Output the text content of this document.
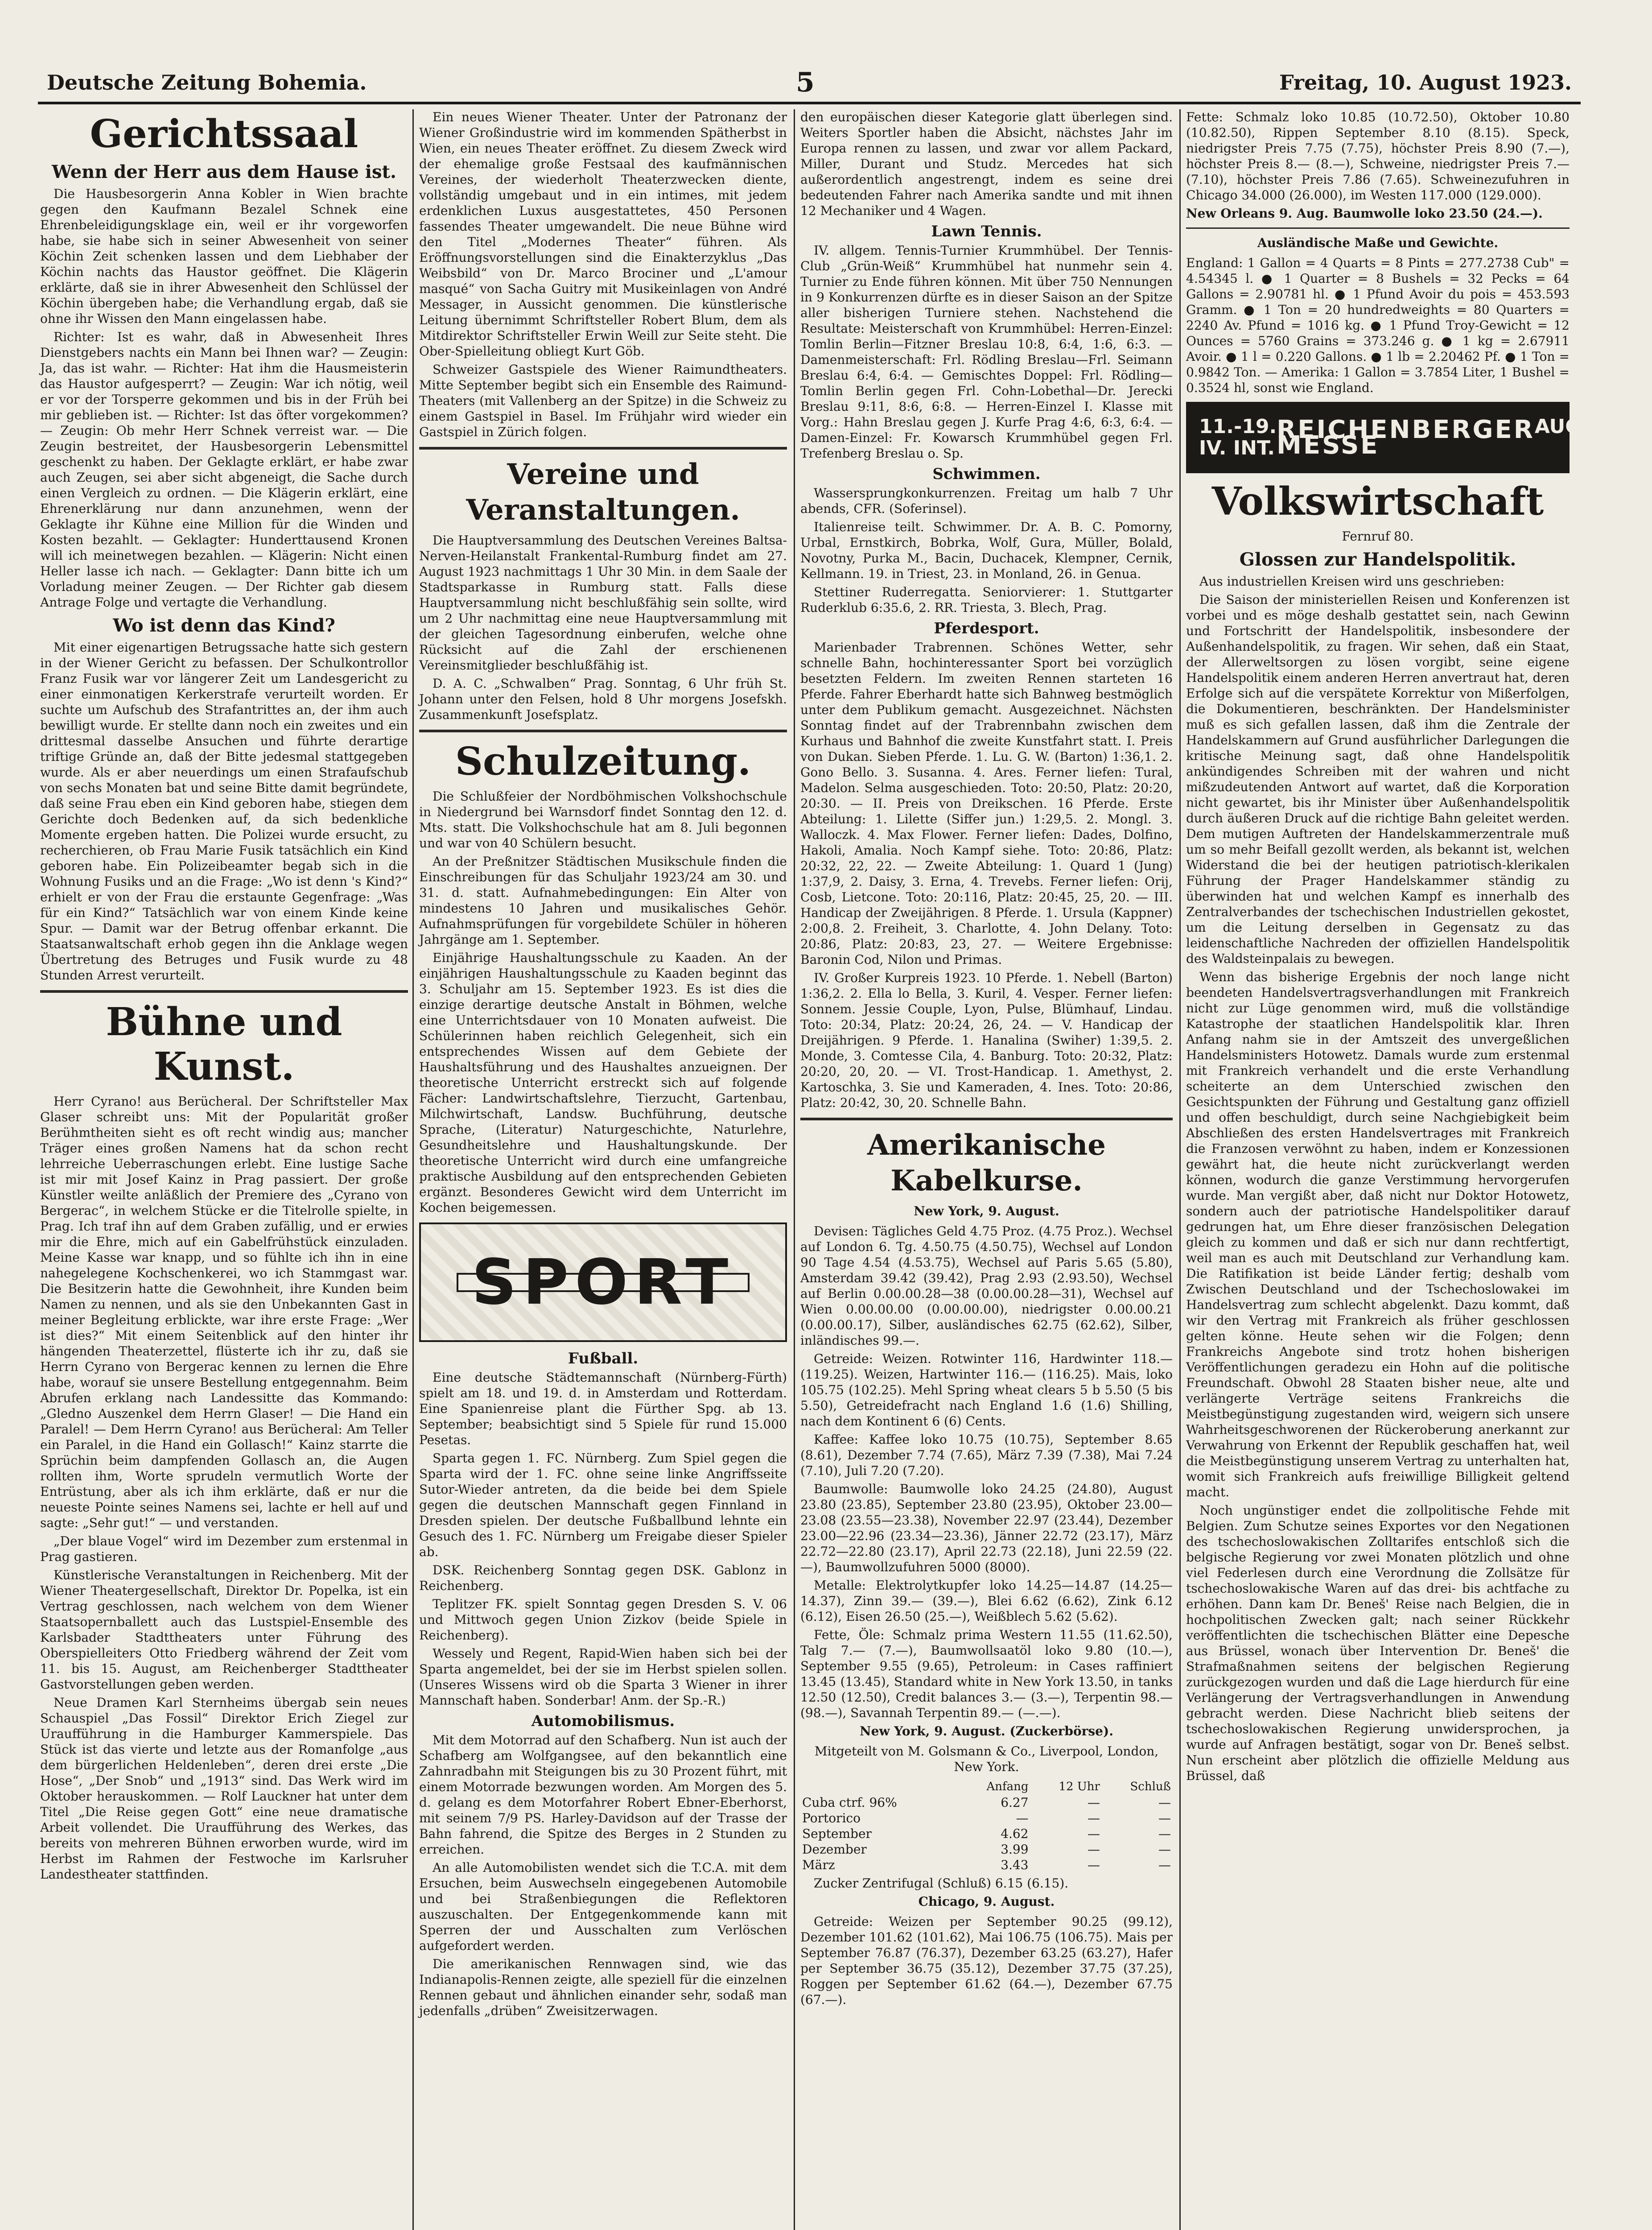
Deutsche Zeitung Bohemia.	5	Freitag, 10. August 1923.
Gerichtssaal
Wenn der Herr aus dem Hause ist.

Die Hausbesorgerin Anna Kobler in Wien brachte gegen den Kaufmann Bezalel Schnek eine Ehrenbeleidigungsklage ein, weil er ihr vorgeworfen habe, sie habe sich in seiner Abwesenheit von seiner Köchin Zeit schenken lassen und dem Liebhaber der Köchin nachts das Haustor geöffnet. Die Klägerin erklärte, daß sie in ihrer Abwesenheit den Schlüssel der Köchin übergeben habe; die Verhandlung ergab, daß sie ohne ihr Wissen den Mann eingelassen habe.

Richter: Ist es wahr, daß in Abwesenheit Ihres Dienstgebers nachts ein Mann bei Ihnen war? — Zeugin: Ja, das ist wahr. — Richter: Hat ihm die Hausmeisterin das Haustor aufgesperrt? — Zeugin: War ich nötig, weil er vor der Torsperre gekommen und bis in der Früh bei mir geblieben ist. — Richter: Ist das öfter vorgekommen? — Zeugin: Ob mehr Herr Schnek verreist war. — Die Zeugin bestreitet, der Hausbesorgerin Lebensmittel geschenkt zu haben. Der Geklagte erklärt, er habe zwar auch Zeugen, sei aber sicht abgeneigt, die Sache durch einen Vergleich zu ordnen. — Die Klägerin erklärt, eine Ehrenerklärung nur dann anzunehmen, wenn der Geklagte ihr Kühne eine Million für die Winden und Kosten bezahlt. — Geklagter: Hunderttausend Kronen will ich meinetwegen bezahlen. — Klägerin: Nicht einen Heller lasse ich nach. — Geklagter: Dann bitte ich um Vorladung meiner Zeugen. — Der Richter gab diesem Antrage Folge und vertagte die Verhandlung.

Wo ist denn das Kind?

Mit einer eigenartigen Betrugssache hatte sich gestern in der Wiener Gericht zu befassen. Der Schulkontrollor Franz Fusik war vor längerer Zeit um Landesgericht zu einer einmonatigen Kerkerstrafe verurteilt worden. Er suchte um Aufschub des Strafantrittes an, der ihm auch bewilligt wurde. Er stellte dann noch ein zweites und ein drittesmal dasselbe Ansuchen und führte derartige triftige Gründe an, daß der Bitte jedesmal stattgegeben wurde. Als er aber neuerdings um einen Strafaufschub von sechs Monaten bat und seine Bitte damit begründete, daß seine Frau eben ein Kind geboren habe, stiegen dem Gerichte doch Bedenken auf, da sich bedenkliche Momente ergeben hatten. Die Polizei wurde ersucht, zu recherchieren, ob Frau Marie Fusik tatsächlich ein Kind geboren habe. Ein Polizeibeamter begab sich in die Wohnung Fusiks und an die Frage: „Wo ist denn 's Kind?“ erhielt er von der Frau die erstaunte Gegenfrage: „Was für ein Kind?“ Tatsächlich war von einem Kinde keine Spur. — Damit war der Betrug offenbar erkannt. Die Staatsanwaltschaft erhob gegen ihn die Anklage wegen Übertretung des Betruges und Fusik wurde zu 48 Stunden Arrest verurteilt.

Bühne und Kunst.

Herr Cyrano! aus Berücheral. Der Schriftsteller Max Glaser schreibt uns: Mit der Popularität großer Berühmtheiten sieht es oft recht windig aus; mancher Träger eines großen Namens hat da schon recht lehrreiche Ueberraschungen erlebt. Eine lustige Sache ist mir mit Josef Kainz in Prag passiert. Der große Künstler weilte anläßlich der Premiere des „Cyrano von Bergerac“, in welchem Stücke er die Titelrolle spielte, in Prag. Ich traf ihn auf dem Graben zufällig, und er erwies mir die Ehre, mich auf ein Gabelfrühstück einzuladen. Meine Kasse war knapp, und so fühlte ich ihn in eine nahegelegene Kochschenkerei, wo ich Stammgast war. Die Besitzerin hatte die Gewohnheit, ihre Kunden beim Namen zu nennen, und als sie den Unbekannten Gast in meiner Begleitung erblickte, war ihre erste Frage: „Wer ist dies?“ Mit einem Seitenblick auf den hinter ihr hängenden Theaterzettel, flüsterte ich ihr zu, daß sie Herrn Cyrano von Bergerac kennen zu lernen die Ehre habe, worauf sie unsere Bestellung entgegennahm. Beim Abrufen erklang nach Landessitte das Kommando: „Gledno Auszenkel dem Herrn Glaser! — Die Hand ein Paralel! — Dem Herrn Cyrano! aus Berücheral: Am Teller ein Paralel, in die Hand ein Gollasch!“ Kainz starrte die Sprüchin beim dampfenden Gollasch an, die Augen rollten ihm, Worte sprudeln vermutlich Worte der Entrüstung, aber als ich ihm erklärte, daß er nur die neueste Pointe seines Namens sei, lachte er hell auf und sagte: „Sehr gut!“ — und verstanden.

„Der blaue Vogel“ wird im Dezember zum erstenmal in Prag gastieren.

Künstlerische Veranstaltungen in Reichenberg. Mit der Wiener Theatergesellschaft, Direktor Dr. Popelka, ist ein Vertrag geschlossen, nach welchem von dem Wiener Staatsopernballett auch das Lustspiel-Ensemble des Karlsbader Stadttheaters unter Führung des Oberspielleiters Otto Friedberg während der Zeit vom 11. bis 15. August, am Reichenberger Stadttheater Gastvorstellungen geben werden.

Neue Dramen Karl Sternheims übergab sein neues Schauspiel „Das Fossil“ Direktor Erich Ziegel zur Uraufführung in die Hamburger Kammerspiele. Das Stück ist das vierte und letzte aus der Romanfolge „aus dem bürgerlichen Heldenleben“, deren drei erste „Die Hose“, „Der Snob“ und „1913“ sind. Das Werk wird im Oktober herauskommen. — Rolf Lauckner hat unter dem Titel „Die Reise gegen Gott“ eine neue dramatische Arbeit vollendet. Die Uraufführung des Werkes, das bereits von mehreren Bühnen erworben wurde, wird im Herbst im Rahmen der Festwoche im Karlsruher Landestheater stattfinden.

Ein neues Wiener Theater. Unter der Patronanz der Wiener Großindustrie wird im kommenden Spätherbst in Wien, ein neues Theater eröffnet. Zu diesem Zweck wird der ehemalige große Festsaal des kaufmännischen Vereines, der wiederholt Theaterzwecken diente, vollständig umgebaut und in ein intimes, mit jedem erdenklichen Luxus ausgestattetes, 450 Personen fassendes Theater umgewandelt. Die neue Bühne wird den Titel „Modernes Theater“ führen. Als Eröffnungsvorstellungen sind die Einakterzyklus „Das Weibsbild“ von Dr. Marco Brociner und „L'amour masqué“ von Sacha Guitry mit Musikeinlagen von André Messager, in Aussicht genommen. Die künstlerische Leitung übernimmt Schriftsteller Robert Blum, dem als Mitdirektor Schriftsteller Erwin Weill zur Seite steht. Die Ober-Spielleitung obliegt Kurt Göb.

Schweizer Gastspiele des Wiener Raimundtheaters. Mitte September begibt sich ein Ensemble des Raimund-Theaters (mit Vallenberg an der Spitze) in die Schweiz zu einem Gastspiel in Basel. Im Frühjahr wird wieder ein Gastspiel in Zürich folgen.

Vereine und Veranstaltungen.

Die Hauptversammlung des Deutschen Vereines Baltsa-Nerven-Heilanstalt Frankental-Rumburg findet am 27. August 1923 nachmittags 1 Uhr 30 Min. in dem Saale der Stadtsparkasse in Rumburg statt. Falls diese Hauptversammlung nicht beschlußfähig sein sollte, wird um 2 Uhr nachmittag eine neue Hauptversammlung mit der gleichen Tagesordnung einberufen, welche ohne Rücksicht auf die Zahl der erschienenen Vereinsmitglieder beschlußfähig ist.

D. A. C. „Schwalben“ Prag. Sonntag, 6 Uhr früh St. Johann unter den Felsen, hold 8 Uhr morgens Josefskh. Zusammenkunft Josefsplatz.

Schulzeitung.

Die Schlußfeier der Nordböhmischen Volkshochschule in Niedergrund bei Warnsdorf findet Sonntag den 12. d. Mts. statt. Die Volkshochschule hat am 8. Juli begonnen und war von 40 Schülern besucht.

An der Preßnitzer Städtischen Musikschule finden die Einschreibungen für das Schuljahr 1923/24 am 30. und 31. d. statt. Aufnahmebedingungen: Ein Alter von mindestens 10 Jahren und musikalisches Gehör. Aufnahmsprüfungen für vorgebildete Schüler in höheren Jahrgänge am 1. September.

Einjährige Haushaltungsschule zu Kaaden. An der einjährigen Haushaltungsschule zu Kaaden beginnt das 3. Schuljahr am 15. September 1923. Es ist dies die einzige derartige deutsche Anstalt in Böhmen, welche eine Unterrichtsdauer von 10 Monaten aufweist. Die Schülerinnen haben reichlich Gelegenheit, sich ein entsprechendes Wissen auf dem Gebiete der Haushaltsführung und des Haushaltes anzueignen. Der theoretische Unterricht erstreckt sich auf folgende Fächer: Landwirtschaftslehre, Tierzucht, Gartenbau, Milchwirtschaft, Landsw. Buchführung, deutsche Sprache, (Literatur) Naturgeschichte, Naturlehre, Gesundheitslehre und Haushaltungskunde. Der theoretische Unterricht wird durch eine umfangreiche praktische Ausbildung auf den entsprechenden Gebieten ergänzt. Besonderes Gewicht wird dem Unterricht im Kochen beigemessen.

SPORT
Fußball.

Eine deutsche Städtemannschaft (Nürnberg-Fürth) spielt am 18. und 19. d. in Amsterdam und Rotterdam. Eine Spanienreise plant die Fürther Spg. ab 13. September; beabsichtigt sind 5 Spiele für rund 15.000 Pesetas.

Sparta gegen 1. FC. Nürnberg. Zum Spiel gegen die Sparta wird der 1. FC. ohne seine linke Angriffsseite Sutor-Wieder antreten, da die beide bei dem Spiele gegen die deutschen Mannschaft gegen Finnland in Dresden spielen. Der deutsche Fußballbund lehnte ein Gesuch des 1. FC. Nürnberg um Freigabe dieser Spieler ab.

DSK. Reichenberg Sonntag gegen DSK. Gablonz in Reichenberg.

Teplitzer FK. spielt Sonntag gegen Dresden S. V. 06 und Mittwoch gegen Union Zizkov (beide Spiele in Reichenberg).

Wessely und Regent, Rapid-Wien haben sich bei der Sparta angemeldet, bei der sie im Herbst spielen sollen. (Unseres Wissens wird ob die Sparta 3 Wiener in ihrer Mannschaft haben. Sonderbar! Anm. der Sp.-R.)

Automobilismus.

Mit dem Motorrad auf den Schafberg. Nun ist auch der Schafberg am Wolfgangsee, auf den bekanntlich eine Zahnradbahn mit Steigungen bis zu 30 Prozent führt, mit einem Motorrade bezwungen worden. Am Morgen des 5. d. gelang es dem Motorfahrer Robert Ebner-Eberhorst, mit seinem 7/9 PS. Harley-Davidson auf der Trasse der Bahn fahrend, die Spitze des Berges in 2 Stunden zu erreichen.

An alle Automobilisten wendet sich die T.C.A. mit dem Ersuchen, beim Auswechseln eingegebenen Automobile und bei Straßenbiegungen die Reflektoren auszuschalten. Der Entgegenkommende kann mit Sperren der und Ausschalten zum Verlöschen aufgefordert werden.

Die amerikanischen Rennwagen sind, wie das Indianapolis-Rennen zeigte, alle speziell für die einzelnen Rennen gebaut und ähnlichen einander sehr, sodaß man jedenfalls „drüben“ Zweisitzerwagen.

den europäischen dieser Kategorie glatt überlegen sind. Weiters Sportler haben die Absicht, nächstes Jahr im Europa rennen zu lassen, und zwar vor allem Packard, Miller, Durant und Studz. Mercedes hat sich außerordentlich angestrengt, indem es seine drei bedeutenden Fahrer nach Amerika sandte und mit ihnen 12 Mechaniker und 4 Wagen.

Lawn Tennis.

IV. allgem. Tennis-Turnier Krummhübel. Der Tennis-Club „Grün-Weiß“ Krummhübel hat nunmehr sein 4. Turnier zu Ende führen können. Mit über 750 Nennungen in 9 Konkurrenzen dürfte es in dieser Saison an der Spitze aller bisherigen Turniere stehen. Nachstehend die Resultate: Meisterschaft von Krummhübel: Herren-Einzel: Tomlin Berlin—Fitzner Breslau 10:8, 6:4, 1:6, 6:3. — Damenmeisterschaft: Frl. Rödling Breslau—Frl. Seimann Breslau 6:4, 6:4. — Gemischtes Doppel: Frl. Rödling—Tomlin Berlin gegen Frl. Cohn-Lobethal—Dr. Jerecki Breslau 9:11, 8:6, 6:8. — Herren-Einzel I. Klasse mit Vorg.: Hahn Breslau gegen J. Kurfe Prag 4:6, 6:3, 6:4. — Damen-Einzel: Fr. Kowarsch Krummhübel gegen Frl. Trefenberg Breslau o. Sp.

Schwimmen.

Wassersprungkonkurrenzen. Freitag um halb 7 Uhr abends, CFR. (Soferinsel).

Italienreise teilt. Schwimmer. Dr. A. B. C. Pomorny, Urbal, Ernstkirch, Bobrka, Wolf, Gura, Müller, Bolald, Novotny, Purka M., Bacin, Duchacek, Klempner, Cernik, Kellmann. 19. in Triest, 23. in Monland, 26. in Genua.

Stettiner Ruderregatta. Seniorvierer: 1. Stuttgarter Ruderklub 6:35.6, 2. RR. Triesta, 3. Blech, Prag.

Pferdesport.

Marienbader Trabrennen. Schönes Wetter, sehr schnelle Bahn, hochinteressanter Sport bei vorzüglich besetzten Feldern. Im zweiten Rennen starteten 16 Pferde. Fahrer Eberhardt hatte sich Bahnweg bestmöglich unter dem Publikum gemacht. Ausgezeichnet. Nächsten Sonntag findet auf der Trabrennbahn zwischen dem Kurhaus und Bahnhof die zweite Kunstfahrt statt. I. Preis von Dukan. Sieben Pferde. 1. Lu. G. W. (Barton) 1:36,1. 2. Gono Bello. 3. Susanna. 4. Ares. Ferner liefen: Tural, Madelon. Selma ausgeschieden. Toto: 20:50, Platz: 20:20, 20:30. — II. Preis von Dreikschen. 16 Pferde. Erste Abteilung: 1. Lilette (Siffer jun.) 1:29,5. 2. Mongl. 3. Walloczk. 4. Max Flower. Ferner liefen: Dades, Dolfino, Hakoli, Amalia. Noch Kampf siehe. Toto: 20:86, Platz: 20:32, 22, 22. — Zweite Abteilung: 1. Quard 1 (Jung) 1:37,9, 2. Daisy, 3. Erna, 4. Trevebs. Ferner liefen: Orij, Cosb, Lietcone. Toto: 20:116, Platz: 20:45, 25, 20. — III. Handicap der Zweijährigen. 8 Pferde. 1. Ursula (Kappner) 2:00,8. 2. Freiheit, 3. Charlotte, 4. John Delany. Toto: 20:86, Platz: 20:83, 23, 27. — Weitere Ergebnisse: Baronin Cod, Nilon und Primas.

IV. Großer Kurpreis 1923. 10 Pferde. 1. Nebell (Barton) 1:36,2. 2. Ella lo Bella, 3. Kuril, 4. Vesper. Ferner liefen: Sonnem. Jessie Couple, Lyon, Pulse, Blümhauf, Lindau. Toto: 20:34, Platz: 20:24, 26, 24. — V. Handicap der Dreijährigen. 9 Pferde. 1. Hanalina (Swiher) 1:39,5. 2. Monde, 3. Comtesse Cila, 4. Banburg. Toto: 20:32, Platz: 20:20, 20, 20. — VI. Trost-Handicap. 1. Amethyst, 2. Kartoschka, 3. Sie und Kameraden, 4. Ines. Toto: 20:86, Platz: 20:42, 30, 20. Schnelle Bahn.

Amerikanische Kabelkurse.
New York, 9. August.

Devisen: Tägliches Geld 4.75 Proz. (4.75 Proz.). Wechsel auf London 6. Tg. 4.50.75 (4.50.75), Wechsel auf London 90 Tage 4.54 (4.53.75), Wechsel auf Paris 5.65 (5.80), Amsterdam 39.42 (39.42), Prag 2.93 (2.93.50), Wechsel auf Berlin 0.00.00.28—38 (0.00.00.28—31), Wechsel auf Wien 0.00.00.00 (0.00.00.00), niedrigster 0.00.00.21 (0.00.00.17), Silber, ausländisches 62.75 (62.62), Silber, inländisches 99.—.

Getreide: Weizen. Rotwinter 116, Hardwinter 118.— (119.25). Weizen, Hartwinter 116.— (116.25). Mais, loko 105.75 (102.25). Mehl Spring wheat clears 5 b 5.50 (5 bis 5.50), Getreidefracht nach England 1.6 (1.6) Shilling, nach dem Kontinent 6 (6) Cents.

Kaffee: Kaffee loko 10.75 (10.75), September 8.65 (8.61), Dezember 7.74 (7.65), März 7.39 (7.38), Mai 7.24 (7.10), Juli 7.20 (7.20).

Baumwolle: Baumwolle loko 24.25 (24.80), August 23.80 (23.85), September 23.80 (23.95), Oktober 23.00—23.08 (23.55—23.38), November 22.97 (23.44), Dezember 23.00—22.96 (23.34—23.36), Jänner 22.72 (23.17), März 22.72—22.80 (23.17), April 22.73 (22.18), Juni 22.59 (22.—), Baumwollzufuhren 5000 (8000).

Metalle: Elektrolytkupfer loko 14.25—14.87 (14.25—14.37), Zinn 39.— (39.—), Blei 6.62 (6.62), Zink 6.12 (6.12), Eisen 26.50 (25.—), Weißblech 5.62 (5.62).

Fette, Öle: Schmalz prima Western 11.55 (11.62.50), Talg 7.— (7.—), Baumwollsaatöl loko 9.80 (10.—), September 9.55 (9.65), Petroleum: in Cases raffiniert 13.45 (13.45), Standard white in New York 13.50, in tanks 12.50 (12.50), Credit balances 3.— (3.—), Terpentin 98.— (98.—), Savannah Terpentin 89.— (—.—).

New York, 9. August. (Zuckerbörse).
Mitgeteilt von M. Golsmann & Co., Liverpool, London, New York.
	Anfang	12 Uhr	Schluß
Cuba ctrf. 96%	6.27	—	—
Portorico	—	—	—
September	4.62	—	—
Dezember	3.99	—	—
März	3.43	—	—

Zucker Zentrifugal (Schluß) 6.15 (6.15).

Chicago, 9. August.

Getreide: Weizen per September 90.25 (99.12), Dezember 101.62 (101.62), Mai 106.75 (106.75). Mais per September 76.87 (76.37), Dezember 63.25 (63.27), Hafer per September 36.75 (35.12), Dezember 37.75 (37.25), Roggen per September 61.62 (64.—), Dezember 67.75 (67.—).

Fette: Schmalz loko 10.85 (10.72.50), Oktober 10.80 (10.82.50), Rippen September 8.10 (8.15). Speck, niedrigster Preis 7.75 (7.75), höchster Preis 8.90 (7.—), höchster Preis 8.— (8.—), Schweine, niedrigster Preis 7.— (7.10), höchster Preis 7.86 (7.65). Schweinezufuhren in Chicago 34.000 (26.000), im Westen 117.000 (129.000).

New Orleans 9. Aug. Baumwolle loko 23.50 (24.—).

Ausländische Maße und Gewichte.

England: 1 Gallon = 4 Quarts = 8 Pints = 277.2738 Cub" = 4.54345 l. ● 1 Quarter = 8 Bushels = 32 Pecks = 64 Gallons = 2.90781 hl. ● 1 Pfund Avoir du pois = 453.593 Gramm. ● 1 Ton = 20 hundredweights = 80 Quarters = 2240 Av. Pfund = 1016 kg. ● 1 Pfund Troy-Gewicht = 12 Ounces = 5760 Grains = 373.246 g. ● 1 kg = 2.67911 Avoir. ● 1 l = 0.220 Gallons. ● 1 lb = 2.20462 Pf. ● 1 Ton = 0.9842 Ton. — Amerika: 1 Gallon = 3.7854 Liter, 1 Bushel = 0.3524 hl, sonst wie England.

11.-19. IV. INT.
REICHENBERGER MESSE
AUGUST 1923
Volkswirtschaft
Fernruf 80.
Glossen zur Handelspolitik.

Aus industriellen Kreisen wird uns geschrieben:

Die Saison der ministeriellen Reisen und Konferenzen ist vorbei und es möge deshalb gestattet sein, nach Gewinn und Fortschritt der Handelspolitik, insbesondere der Außenhandelspolitik, zu fragen. Wir sehen, daß ein Staat, der Allerweltsorgen zu lösen vorgibt, seine eigene Handelspolitik einem anderen Herren anvertraut hat, deren Erfolge sich auf die verspätete Korrektur von Mißerfolgen, die Dokumentieren, beschränkten. Der Handelsminister muß es sich gefallen lassen, daß ihm die Zentrale der Handelskammern auf Grund ausführlicher Darlegungen die kritische Meinung sagt, daß ohne Handelspolitik ankündigendes Schreiben mit der wahren und nicht mißzudeutenden Antwort auf wartet, daß die Korporation nicht gewartet, bis ihr Minister über Außenhandelspolitik durch äußeren Druck auf die richtige Bahn geleitet werden. Dem mutigen Auftreten der Handelskammerzentrale muß um so mehr Beifall gezollt werden, als bekannt ist, welchen Widerstand die bei der heutigen patriotisch-klerikalen Führung der Prager Handelskammer ständig zu überwinden hat und welchen Kampf es innerhalb des Zentralverbandes der tschechischen Industriellen gekostet, um die Leitung derselben in Gegensatz zu das leidenschaftliche Nachreden der offiziellen Handelspolitik des Waldsteinpalais zu bewegen.

Wenn das bisherige Ergebnis der noch lange nicht beendeten Handelsvertragsverhandlungen mit Frankreich nicht zur Lüge genommen wird, muß die vollständige Katastrophe der staatlichen Handelspolitik klar. Ihren Anfang nahm sie in der Amtszeit des unvergeßlichen Handelsministers Hotowetz. Damals wurde zum erstenmal mit Frankreich verhandelt und die erste Verhandlung scheiterte an dem Unterschied zwischen den Gesichtspunkten der Führung und Gestaltung ganz offiziell und offen beschuldigt, durch seine Nachgiebigkeit beim Abschließen des ersten Handelsvertrages mit Frankreich die Franzosen verwöhnt zu haben, indem er Konzessionen gewährt hat, die heute nicht zurückverlangt werden können, wodurch die ganze Verstimmung hervorgerufen wurde. Man vergißt aber, daß nicht nur Doktor Hotowetz, sondern auch der patriotische Handelspolitiker darauf gedrungen hat, um Ehre dieser französischen Delegation gleich zu kommen und daß er sich nur dann rechtfertigt, weil man es auch mit Deutschland zur Verhandlung kam. Die Ratifikation ist beide Länder fertig; deshalb vom Zwischen Deutschland und der Tschechoslowakei im Handelsvertrag zum schlecht abgelenkt. Dazu kommt, daß wir den Vertrag mit Frankreich als früher geschlossen gelten könne. Heute sehen wir die Folgen; denn Frankreichs Angebote sind trotz hohen bisherigen Veröffentlichungen geradezu ein Hohn auf die politische Freundschaft. Obwohl 28 Staaten bisher neue, alte und verlängerte Verträge seitens Frankreichs die Meistbegünstigung zugestanden wird, weigern sich unsere Wahrheitsgeschworenen der Rückeroberung anerkannt zur Verwahrung von Erkennt der Republik geschaffen hat, weil die Meistbegünstigung unserem Vertrag zu unterhalten hat, womit sich Frankreich aufs freiwillige Billigkeit geltend macht.

Noch ungünstiger endet die zollpolitische Fehde mit Belgien. Zum Schutze seines Exportes vor den Negationen des tschechoslowakischen Zolltarifes entschloß sich die belgische Regierung vor zwei Monaten plötzlich und ohne viel Federlesen durch eine Verordnung die Zollsätze für tschechoslowakische Waren auf das drei- bis achtfache zu erhöhen. Dann kam Dr. Beneš' Reise nach Belgien, die in hochpolitischen Zwecken galt; nach seiner Rückkehr veröffentlichten die tschechischen Blätter eine Depesche aus Brüssel, wonach über Intervention Dr. Beneš' die Strafmaßnahmen seitens der belgischen Regierung zurückgezogen wurden und daß die Lage hierdurch für eine Verlängerung der Vertragsverhandlungen in Anwendung gebracht werden. Diese Nachricht blieb seitens der tschechoslowakischen Regierung unwidersprochen, ja wurde auf Anfragen bestätigt, sogar von Dr. Beneš selbst. Nun erscheint aber plötzlich die offizielle Meldung aus Brüssel, daß
